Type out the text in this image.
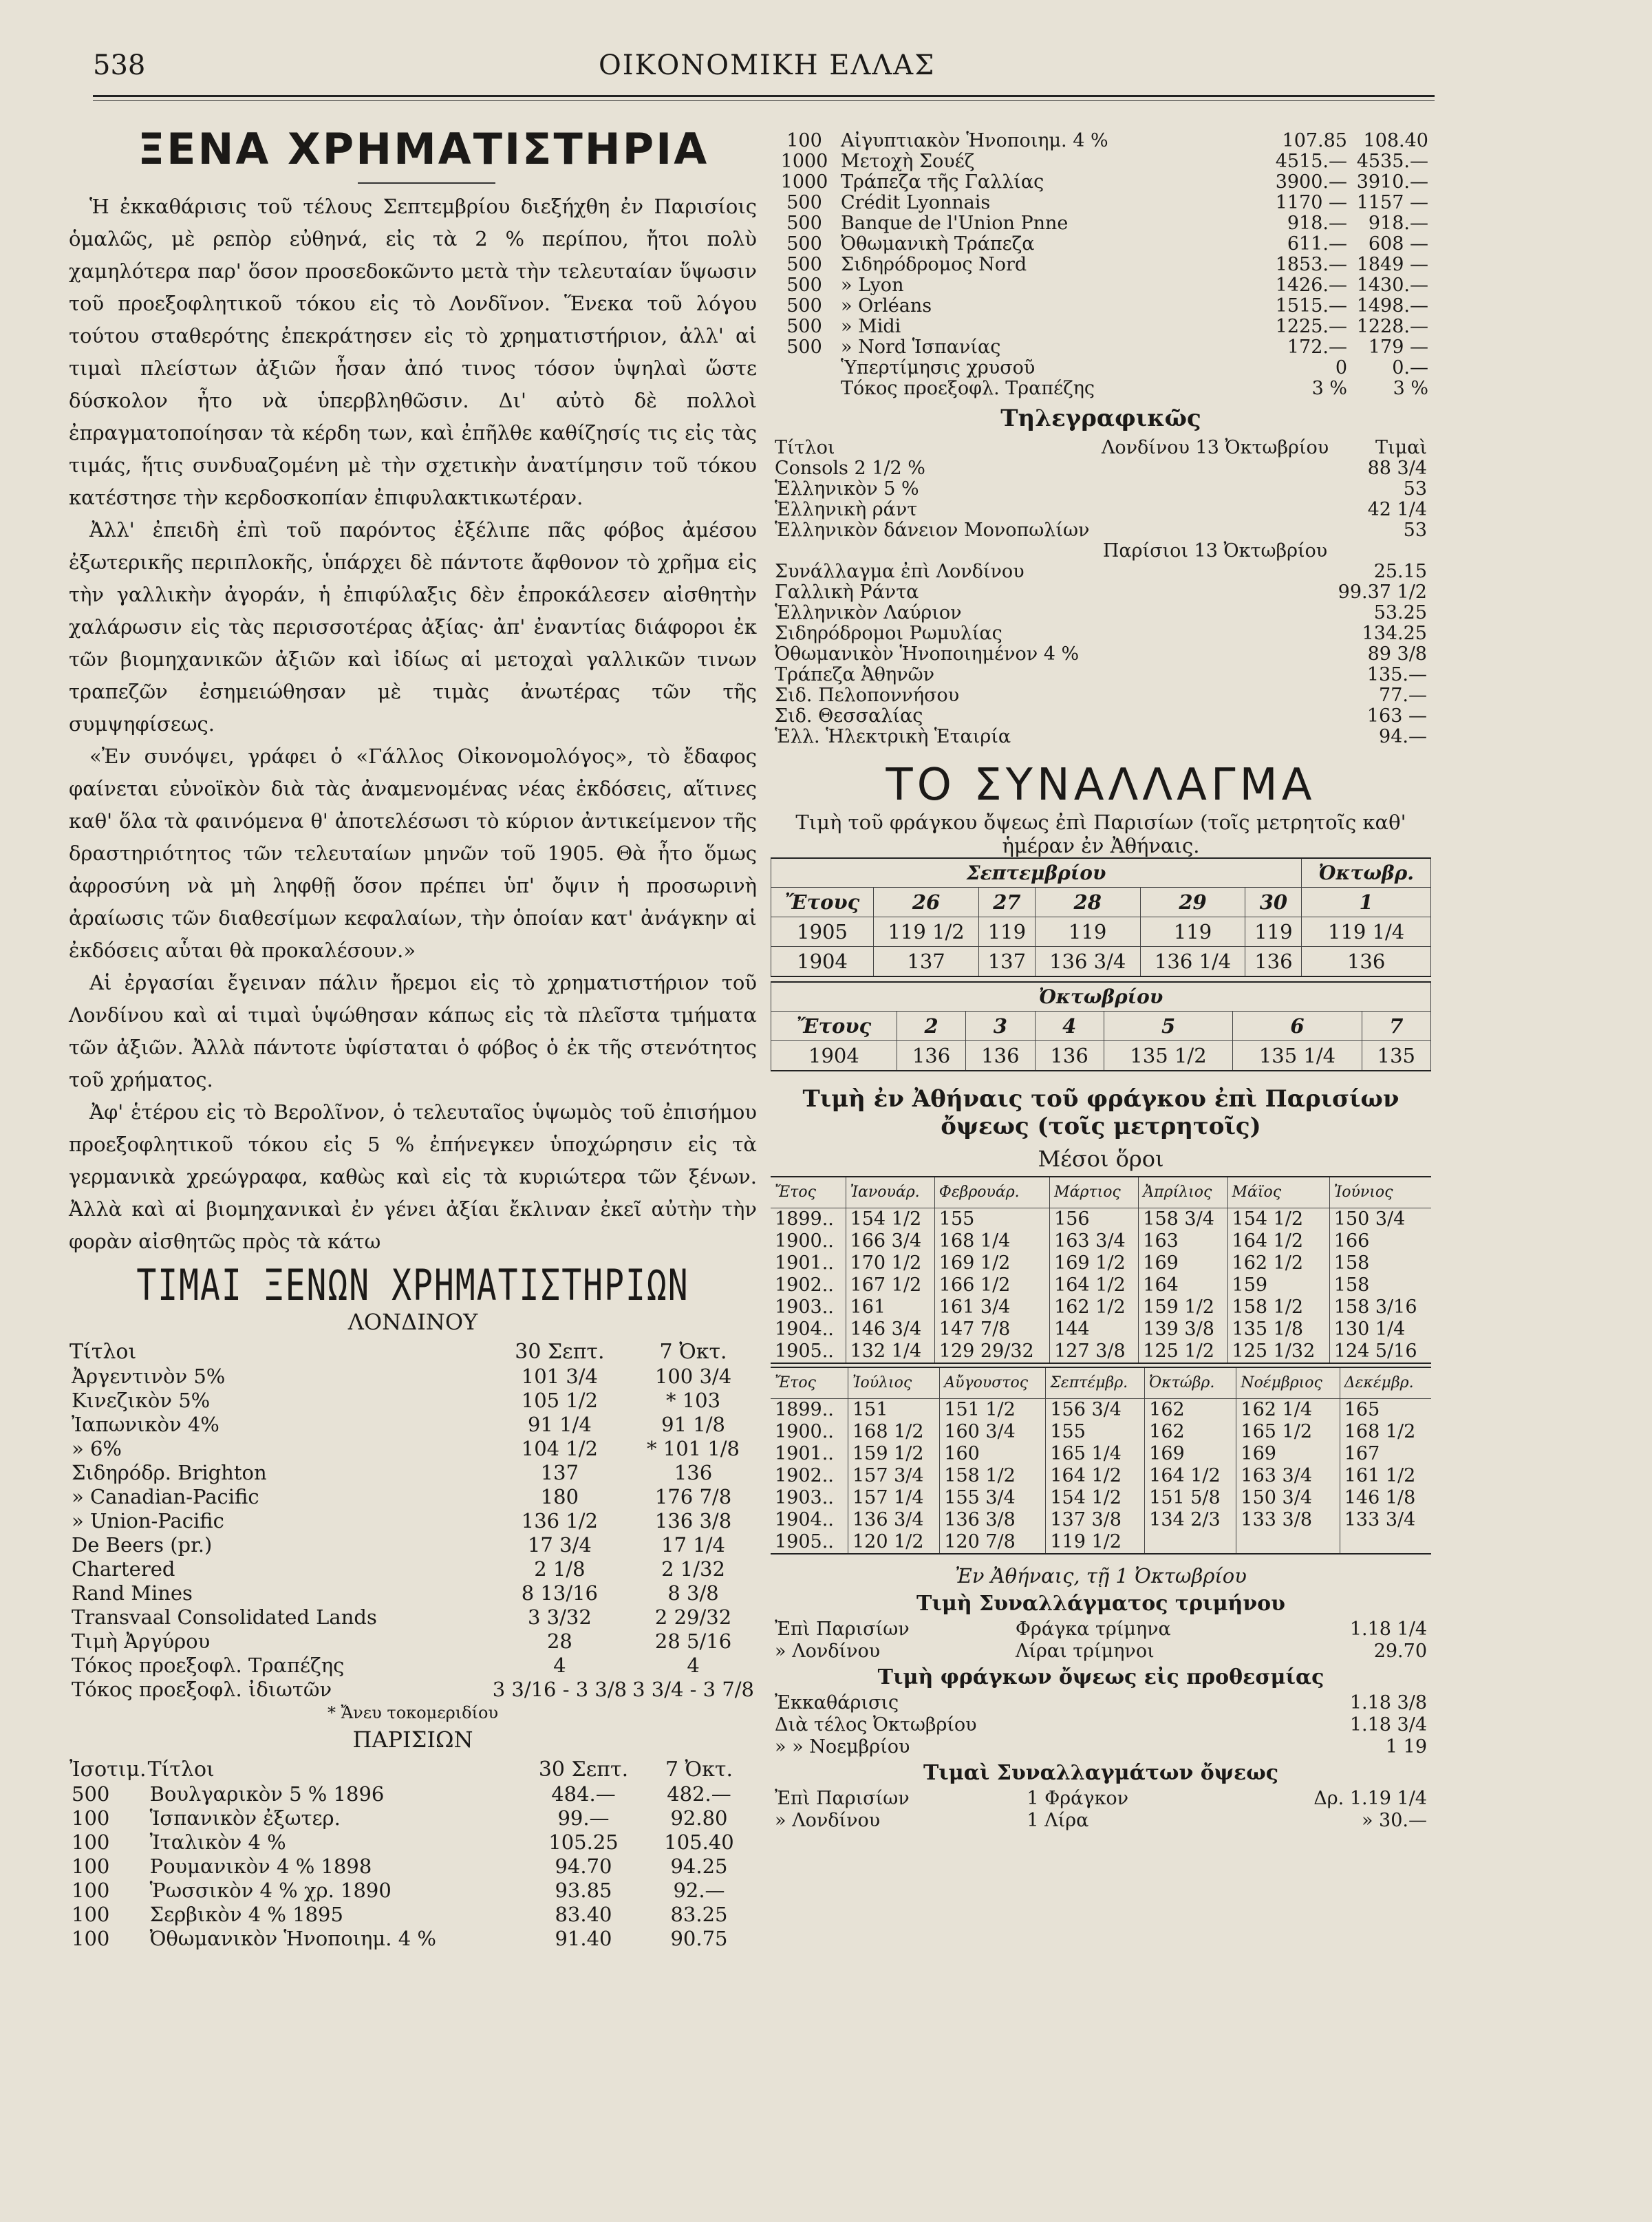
538	ΟΙΚΟΝΟΜΙΚΗ ΕΛΛΑΣ
ΞΕΝΑ ΧΡΗΜΑΤΙΣΤΗΡΙΑ

Ἡ ἐκκαθάρισις τοῦ τέλους Σεπτεμβρίου διεξήχθη ἐν Παρισίοις ὁμαλῶς, μὲ ρεπὸρ εὐθηνά, εἰς τὰ 2 % περίπου, ἤτοι πολὺ χαμηλότερα παρ' ὅσον προσεδοκῶντο μετὰ τὴν τελευταίαν ὕψωσιν τοῦ προεξοφλητικοῦ τόκου εἰς τὸ Λονδῖνον. Ἕνεκα τοῦ λόγου τούτου σταθερότης ἐπεκράτησεν εἰς τὸ χρηματιστήριον, ἀλλ' αἱ τιμαὶ πλείστων ἀξιῶν ἦσαν ἀπό τινος τόσον ὑψηλαὶ ὥστε δύσκολον ἦτο νὰ ὑπερβληθῶσιν. Δι' αὐτὸ δὲ πολλοὶ ἐπραγματοποίησαν τὰ κέρδη των, καὶ ἐπῆλθε καθίζησίς τις εἰς τὰς τιμάς, ἥτις συνδυαζομένη μὲ τὴν σχετικὴν ἀνατίμησιν τοῦ τόκου κατέστησε τὴν κερδοσκοπίαν ἐπιφυλακτικωτέραν.

Ἀλλ' ἐπειδὴ ἐπὶ τοῦ παρόντος ἐξέλιπε πᾶς φόβος ἀμέσου ἐξωτερικῆς περιπλοκῆς, ὑπάρχει δὲ πάντοτε ἄφθονον τὸ χρῆμα εἰς τὴν γαλλικὴν ἀγοράν, ἡ ἐπιφύλαξις δὲν ἐπροκάλεσεν αἰσθητὴν χαλάρωσιν εἰς τὰς περισσοτέρας ἀξίας· ἀπ' ἐναντίας διάφοροι ἐκ τῶν βιομηχανικῶν ἀξιῶν καὶ ἰδίως αἱ μετοχαὶ γαλλικῶν τινων τραπεζῶν ἐσημειώθησαν μὲ τιμὰς ἀνωτέρας τῶν τῆς συμψηφίσεως.

«Ἐν συνόψει, γράφει ὁ «Γάλλος Οἰκονομολόγος», τὸ ἔδαφος φαίνεται εὐνοϊκὸν διὰ τὰς ἀναμενομένας νέας ἐκδόσεις, αἵτινες καθ' ὅλα τὰ φαινόμενα θ' ἀποτελέσωσι τὸ κύριον ἀντικείμενον τῆς δραστηριότητος τῶν τελευταίων μηνῶν τοῦ 1905. Θὰ ἦτο ὅμως ἀφροσύνη νὰ μὴ ληφθῇ ὅσον πρέπει ὑπ' ὄψιν ἡ προσωρινὴ ἀραίωσις τῶν διαθεσίμων κεφαλαίων, τὴν ὁποίαν κατ' ἀνάγκην αἱ ἐκδόσεις αὗται θὰ προκαλέσουν.»

Αἱ ἐργασίαι ἔγειναν πάλιν ἤρεμοι εἰς τὸ χρηματιστήριον τοῦ Λονδίνου καὶ αἱ τιμαὶ ὑψώθησαν κάπως εἰς τὰ πλεῖστα τμήματα τῶν ἀξιῶν. Ἀλλὰ πάντοτε ὑφίσταται ὁ φόβος ὁ ἐκ τῆς στενότητος τοῦ χρήματος.

Ἀφ' ἑτέρου εἰς τὸ Βερολῖνον, ὁ τελευταῖος ὑψωμὸς τοῦ ἐπισήμου προεξοφλητικοῦ τόκου εἰς 5 % ἐπήνεγκεν ὑποχώρησιν εἰς τὰ γερμανικὰ χρεώγραφα, καθὼς καὶ εἰς τὰ κυριώτερα τῶν ξένων. Ἀλλὰ καὶ αἱ βιομηχανικαὶ ἐν γένει ἀξίαι ἔκλιναν ἐκεῖ αὐτὴν τὴν φορὰν αἰσθητῶς πρὸς τὰ κάτω

ΤΙΜΑΙ ΞΕΝΩΝ ΧΡΗΜΑΤΙΣΤΗΡΙΩΝ
ΛΟΝΔΙΝΟΥ
Τίτλοι	30 Σεπτ.	7 Ὀκτ.
Ἀργεντινὸν 5%	101 3/4	100 3/4
Κινεζικὸν 5%	105 1/2	* 103
Ἰαπωνικὸν 4%	91 1/4	91 1/8
» 6%	104 1/2	* 101 1/8
Σιδηρόδρ. Brighton	137	136
» Canadian-Pacific	180	176 7/8
» Union-Pacific	136 1/2	136 3/8
De Beers (pr.)	17 3/4	17 1/4
Chartered	2 1/8	2 1/32
Rand Mines	8 13/16	8 3/8
Transvaal Consolidated Lands	3 3/32	2 29/32
Τιμὴ Ἀργύρου	28	28 5/16
Τόκος προεξοφλ. Τραπέζης	4	4
Τόκος προεξοφλ. ἰδιωτῶν	3 3/16 - 3 3/8	3 3/4 - 3 7/8
* Ἄνευ τοκομεριδίου
ΠΑΡΙΣΙΩΝ
Ἰσοτιμ.	Τίτλοι	30 Σεπτ.	7 Ὀκτ.
500	Βουλγαρικὸν 5 % 1896	484.—	482.—
100	Ἱσπανικὸν ἐξωτερ.	99.—	92.80
100	Ἰταλικὸν 4 %	105.25	105.40
100	Ρουμανικὸν 4 % 1898	94.70	94.25
100	Ῥωσσικὸν 4 % χρ. 1890	93.85	92.—
100	Σερβικὸν 4 % 1895	83.40	83.25
100	Ὀθωμανικὸν Ἡνοποιημ. 4 %	91.40	90.75
100	Αἰγυπτιακὸν Ἡνοποιημ. 4 %	107.85	108.40
1000	Μετοχὴ Σουέζ	4515.—	4535.—
1000	Τράπεζα τῆς Γαλλίας	3900.—	3910.—
500	Crédit Lyonnais	1170 —	1157 —
500	Banque de l'Union Pnne	918.—	918.—
500	Ὀθωμανικὴ Τράπεζα	611.—	608 —
500	Σιδηρόδρομος Nord	1853.—	1849 —
500	» Lyon	1426.—	1430.—
500	» Orléans	1515.—	1498.—
500	» Midi	1225.—	1228.—
500	» Nord Ἱσπανίας	172.—	179 —
	Ὑπερτίμησις χρυσοῦ	0	0.—
	Τόκος προεξοφλ. Τραπέζης	3 %	3 %
Τηλεγραφικῶς
Τίτλοι	Λονδίνου 13 Ὀκτωβρίου	Τιμαὶ
Consols 2 1/2 %		88 3/4
Ἑλληνικὸν 5 %		53
Ἑλληνικὴ ράντ		42 1/4
Ἑλληνικὸν δάνειον Μονοπωλίων		53
	Παρίσιοι 13 Ὀκτωβρίου	
Συνάλλαγμα ἐπὶ Λονδίνου		25.15
Γαλλικὴ Ράντα		99.37 1/2
Ἑλληνικὸν Λαύριον		53.25
Σιδηρόδρομοι Ρωμυλίας		134.25
Ὀθωμανικὸν Ἡνοποιημένον 4 %		89 3/8
Τράπεζα Ἀθηνῶν		135.—
Σιδ. Πελοποννήσου		77.—
Σιδ. Θεσσαλίας		163 —
Ἑλλ. Ἡλεκτρικὴ Ἑταιρία		94.—
ΤΟ ΣΥΝΑΛΛΑΓΜΑ
Τιμὴ τοῦ φράγκου ὄψεως ἐπὶ Παρισίων (τοῖς μετρητοῖς καθ' ἡμέραν ἐν Ἀθήναις.
Σεπτεμβρίου						Ὀκτωβρ.
Ἔτους	26	27	28	29	30	1
1905	119 1/2	119	119	119	119	119 1/4
1904	137	137	136 3/4	136 1/4	136	136
Ὀκτωβρίου						
Ἔτους	2	3	4	5	6	7
1904	136	136	136	135 1/2	135 1/4	135
Τιμὴ ἐν Ἀθήναις τοῦ φράγκου ἐπὶ Παρισίων ὄψεως (τοῖς μετρητοῖς)
Μέσοι ὅροι
Ἔτος	Ἰανουάρ.	Φεβρουάρ.	Μάρτιος	Ἀπρίλιος	Μάϊος	Ἰούνιος
1899..	154 1/2	155	156	158 3/4	154 1/2	150 3/4
1900..	166 3/4	168 1/4	163 3/4	163	164 1/2	166
1901..	170 1/2	169 1/2	169 1/2	169	162 1/2	158
1902..	167 1/2	166 1/2	164 1/2	164	159	158
1903..	161	161 3/4	162 1/2	159 1/2	158 1/2	158 3/16
1904..	146 3/4	147 7/8	144	139 3/8	135 1/8	130 1/4
1905..	132 1/4	129 29/32	127 3/8	125 1/2	125 1/32	124 5/16
Ἔτος	Ἰούλιος	Αὔγουστος	Σεπτέμβρ.	Ὀκτώβρ.	Νοέμβριος	Δεκέμβρ.
1899..	151	151 1/2	156 3/4	162	162 1/4	165
1900..	168 1/2	160 3/4	155	162	165 1/2	168 1/2
1901..	159 1/2	160	165 1/4	169	169	167
1902..	157 3/4	158 1/2	164 1/2	164 1/2	163 3/4	161 1/2
1903..	157 1/4	155 3/4	154 1/2	151 5/8	150 3/4	146 1/8
1904..	136 3/4	136 3/8	137 3/8	134 2/3	133 3/8	133 3/4
1905..	120 1/2	120 7/8	119 1/2			
Ἐν Ἀθήναις, τῇ 1 Ὀκτωβρίου
Τιμὴ Συναλλάγματος τριμήνου
Ἐπὶ Παρισίων	Φράγκα τρίμηνα	1.18 1/4
» Λονδίνου	Λίραι τρίμηνοι	29.70
Τιμὴ φράγκων ὄψεως εἰς προθεσμίας
Ἐκκαθάρισις	1.18 3/8
Διὰ τέλος Ὀκτωβρίου	1.18 3/4
» » Νοεμβρίου	1 19
Τιμαὶ Συναλλαγμάτων ὄψεως
Ἐπὶ Παρισίων	1 Φράγκον	Δρ. 1.19 1/4
» Λονδίνου	1 Λίρα	» 30.—
